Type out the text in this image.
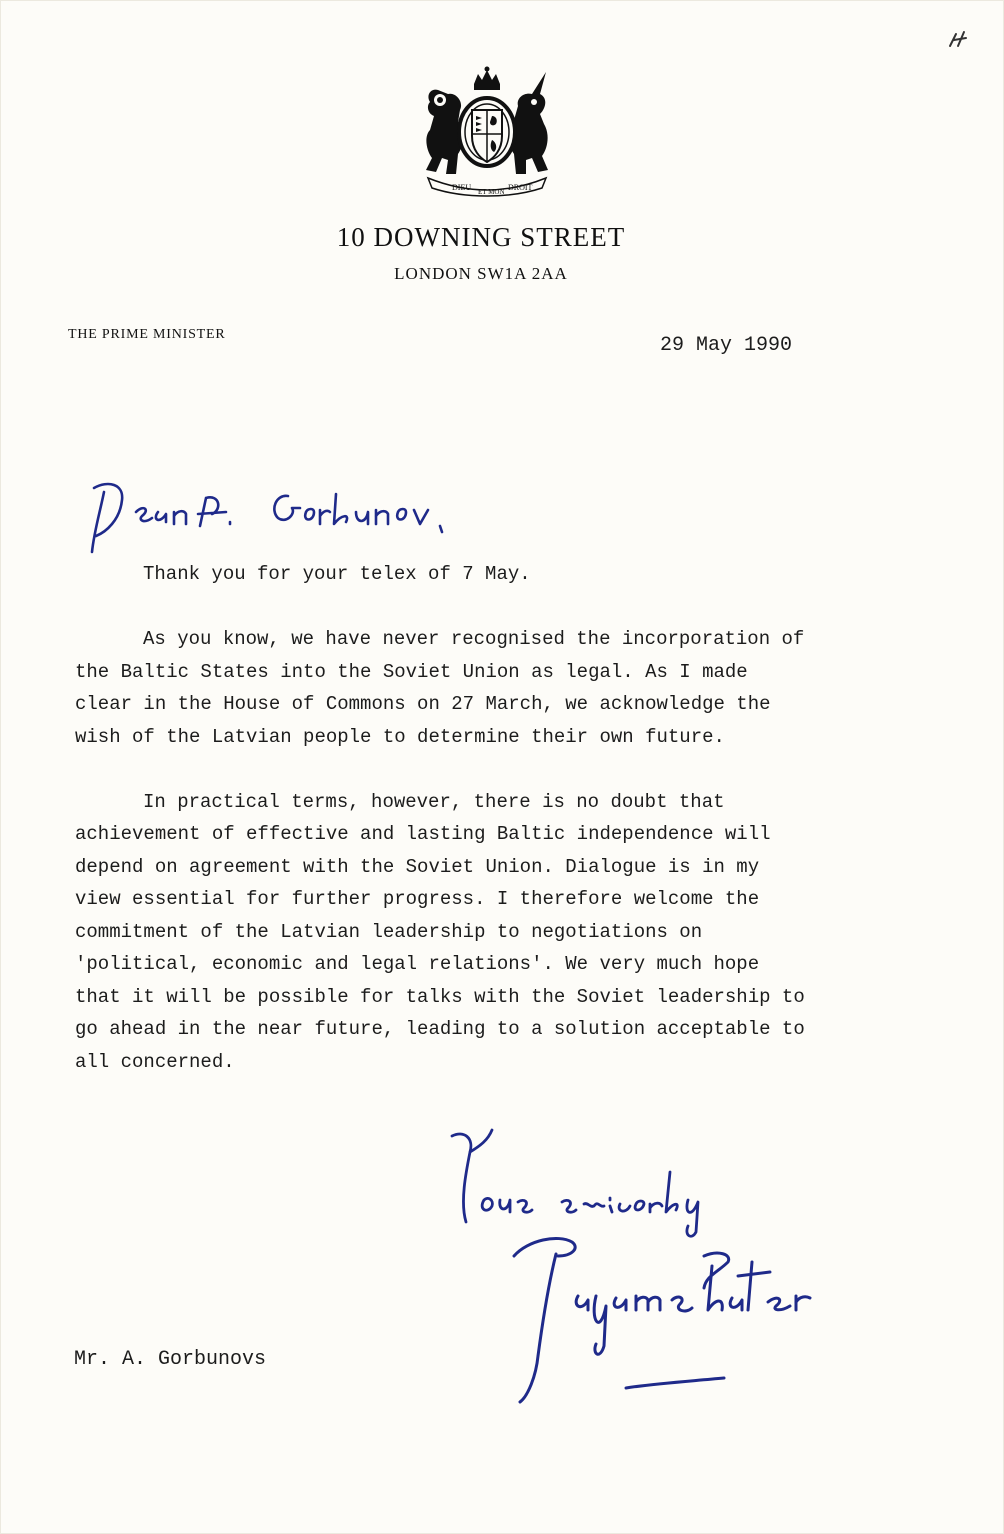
DIEU ET MON DROIT
10 DOWNING STREET
LONDON SW1A 2AA
THE PRIME MINISTER	29 May 1990
Dear Mr. Gorbunovs,

Thank you for your telex of 7 May.

As you know, we have never recognised the incorporation of
the Baltic States into the Soviet Union as legal. As I made
clear in the House of Commons on 27 March, we acknowledge the
wish of the Latvian people to determine their own future.

In practical terms, however, there is no doubt that
achievement of effective and lasting Baltic independence will
depend on agreement with the Soviet Union. Dialogue is in my
view essential for further progress. I therefore welcome the
commitment of the Latvian leadership to negotiations on
'political, economic and legal relations'. We very much hope
that it will be possible for talks with the Soviet leadership to
go ahead in the near future, leading to a solution acceptable to
all concerned.

Yours sincerely
Margaret Thatcher
Mr. A. Gorbunovs
